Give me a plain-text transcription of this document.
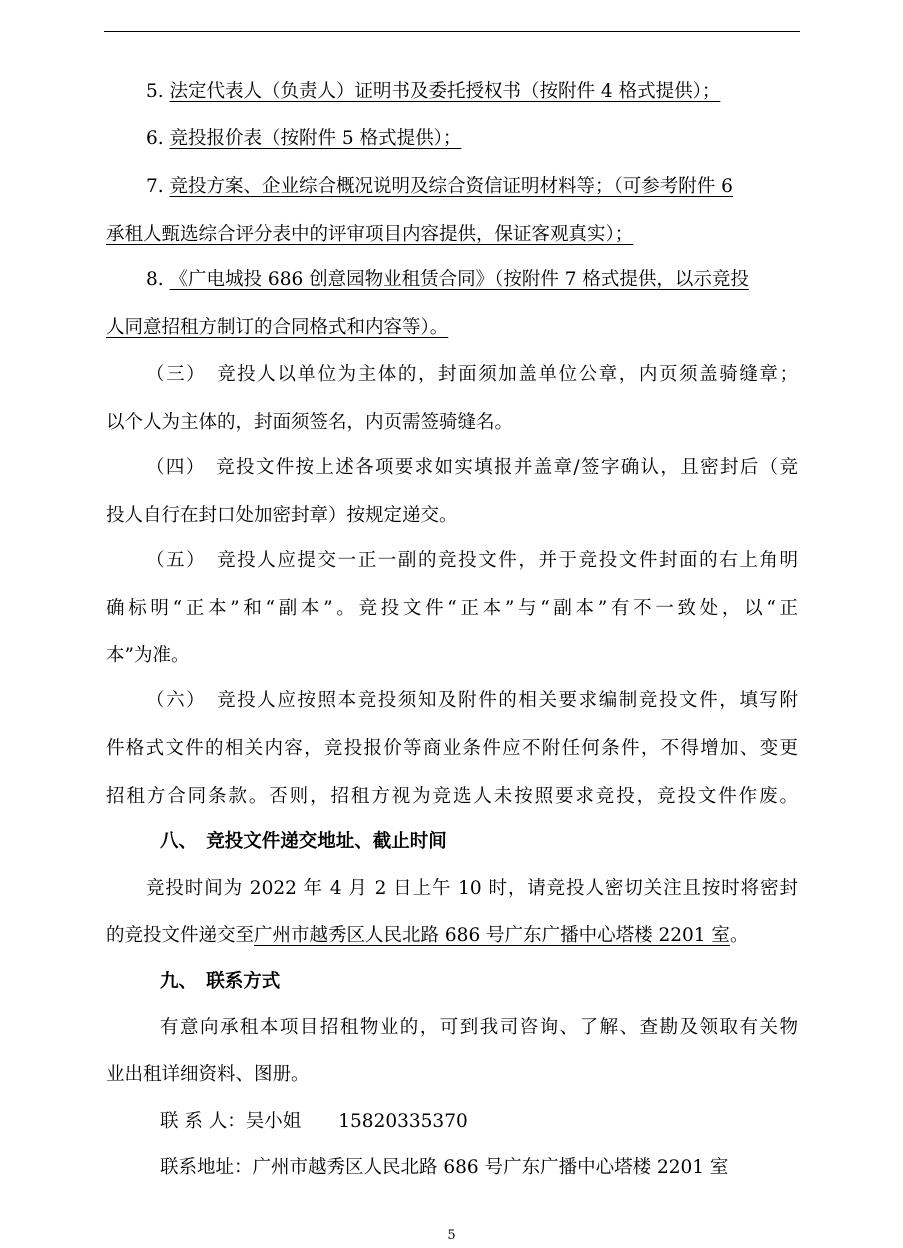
5. 法定代表人（负责人）证明书及委托授权书（按附件 4 格式提供）；
6. 竞投报价表（按附件 5 格式提供）；
7. 竞投方案、企业综合概况说明及综合资信证明材料等；（可参考附件 6
承租人甄选综合评分表中的评审项目内容提供，保证客观真实）；
8. 《广电城投 686 创意园物业租赁合同》（按附件 7 格式提供，以示竞投
人同意招租方制订的合同格式和内容等）。
（三）　竞投人以单位为主体的，封面须加盖单位公章，内页须盖骑缝章；
以个人为主体的，封面须签名，内页需签骑缝名。
（四）　竞投文件按上述各项要求如实填报并盖章/签字确认，且密封后（竞
投人自行在封口处加密封章）按规定递交。
（五）　竞投人应提交一正一副的竞投文件，并于竞投文件封面的右上角明
确标明“正本”和“副本”。竞投文件“正本”与“副本”有不一致处，以“正
本”为准。
（六）　竞投人应按照本竞投须知及附件的相关要求编制竞投文件，填写附
件格式文件的相关内容，竞投报价等商业条件应不附任何条件，不得增加、变更
招租方合同条款。否则，招租方视为竞选人未按照要求竞投，竞投文件作废。
八、　竞投文件递交地址、截止时间
竞投时间为 2022 年 4 月 2 日上午 10 时，请竞投人密切关注且按时将密封
的竞投文件递交至广州市越秀区人民北路 686 号广东广播中心塔楼 2201 室。
九、　联系方式
有意向承租本项目招租物业的，可到我司咨询、了解、查勘及领取有关物
业出租详细资料、图册。
联 系 人：吴小姐　　15820335370
联系地址：广州市越秀区人民北路 686 号广东广播中心塔楼 2201 室
5
